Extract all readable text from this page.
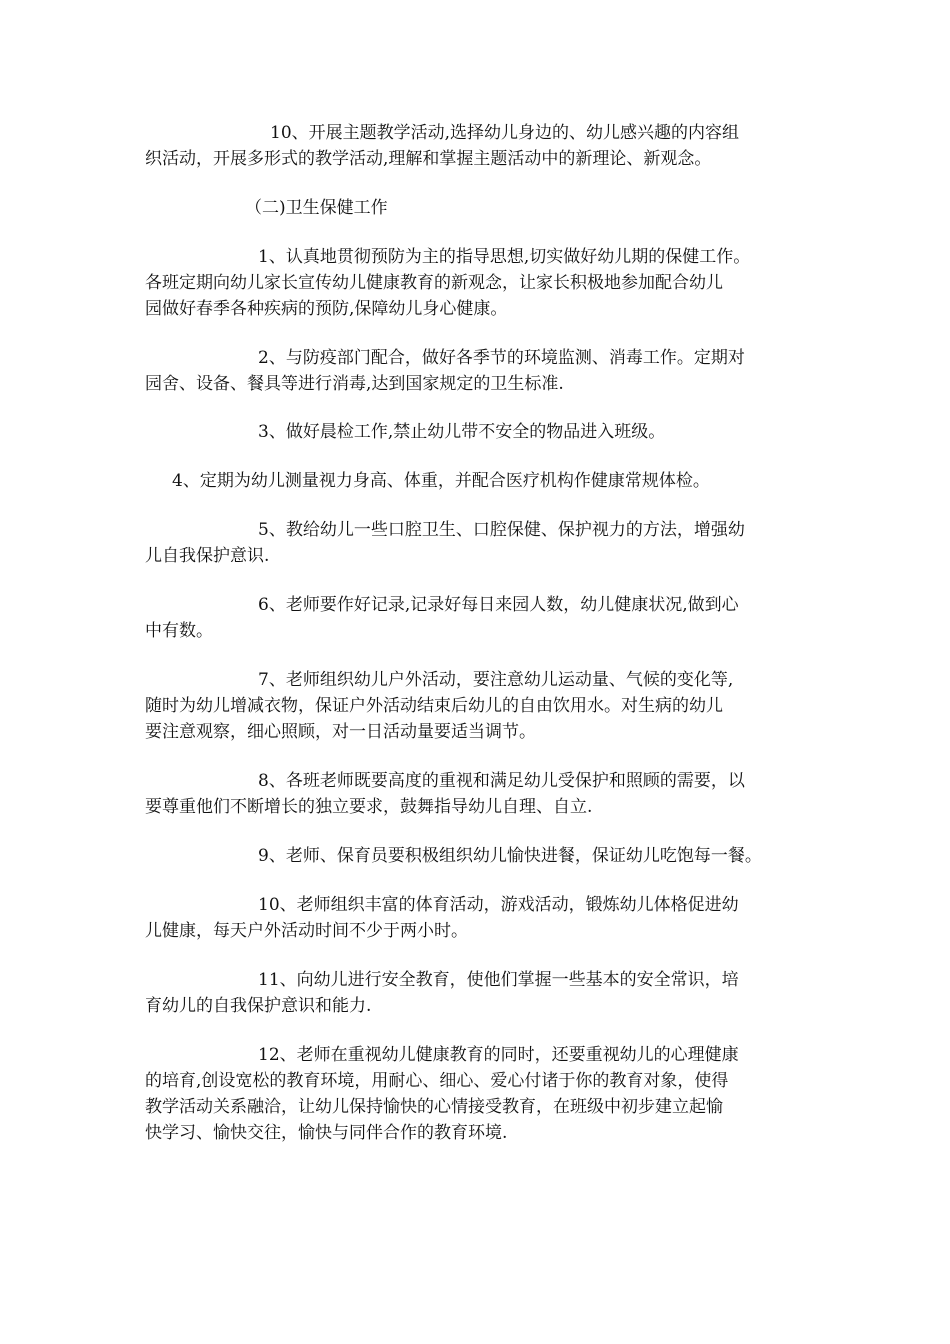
10、开展主题教学活动,选择幼儿身边的、幼儿感兴趣的内容组

织活动，开展多形式的教学活动,理解和掌握主题活动中的新理论、新观念。

（二)卫生保健工作

1、认真地贯彻预防为主的指导思想,切实做好幼儿期的保健工作。

各班定期向幼儿家长宣传幼儿健康教育的新观念，让家长积极地参加配合幼儿

园做好春季各种疾病的预防,保障幼儿身心健康。

2、与防疫部门配合，做好各季节的环境监测、消毒工作。定期对

园舍、设备、餐具等进行消毒,达到国家规定的卫生标准.

3、做好晨检工作,禁止幼儿带不安全的物品进入班级。

4、定期为幼儿测量视力身高、体重，并配合医疗机构作健康常规体检。

5、教给幼儿一些口腔卫生、口腔保健、保护视力的方法，增强幼

儿自我保护意识.

6、老师要作好记录,记录好每日来园人数，幼儿健康状况,做到心

中有数。

7、老师组织幼儿户外活动，要注意幼儿运动量、气候的变化等,

随时为幼儿增减衣物，保证户外活动结束后幼儿的自由饮用水。对生病的幼儿

要注意观察，细心照顾，对一日活动量要适当调节。

8、各班老师既要高度的重视和满足幼儿受保护和照顾的需要，以

要尊重他们不断增长的独立要求，鼓舞指导幼儿自理、自立.

9、老师、保育员要积极组织幼儿愉快进餐，保证幼儿吃饱每一餐。

10、老师组织丰富的体育活动，游戏活动，锻炼幼儿体格促进幼

儿健康，每天户外活动时间不少于两小时。

11、向幼儿进行安全教育，使他们掌握一些基本的安全常识，培

育幼儿的自我保护意识和能力.

12、老师在重视幼儿健康教育的同时，还要重视幼儿的心理健康

的培育,创设宽松的教育环境，用耐心、细心、爱心付诸于你的教育对象，使得

教学活动关系融洽，让幼儿保持愉快的心情接受教育，在班级中初步建立起愉

快学习、愉快交往，愉快与同伴合作的教育环境.
